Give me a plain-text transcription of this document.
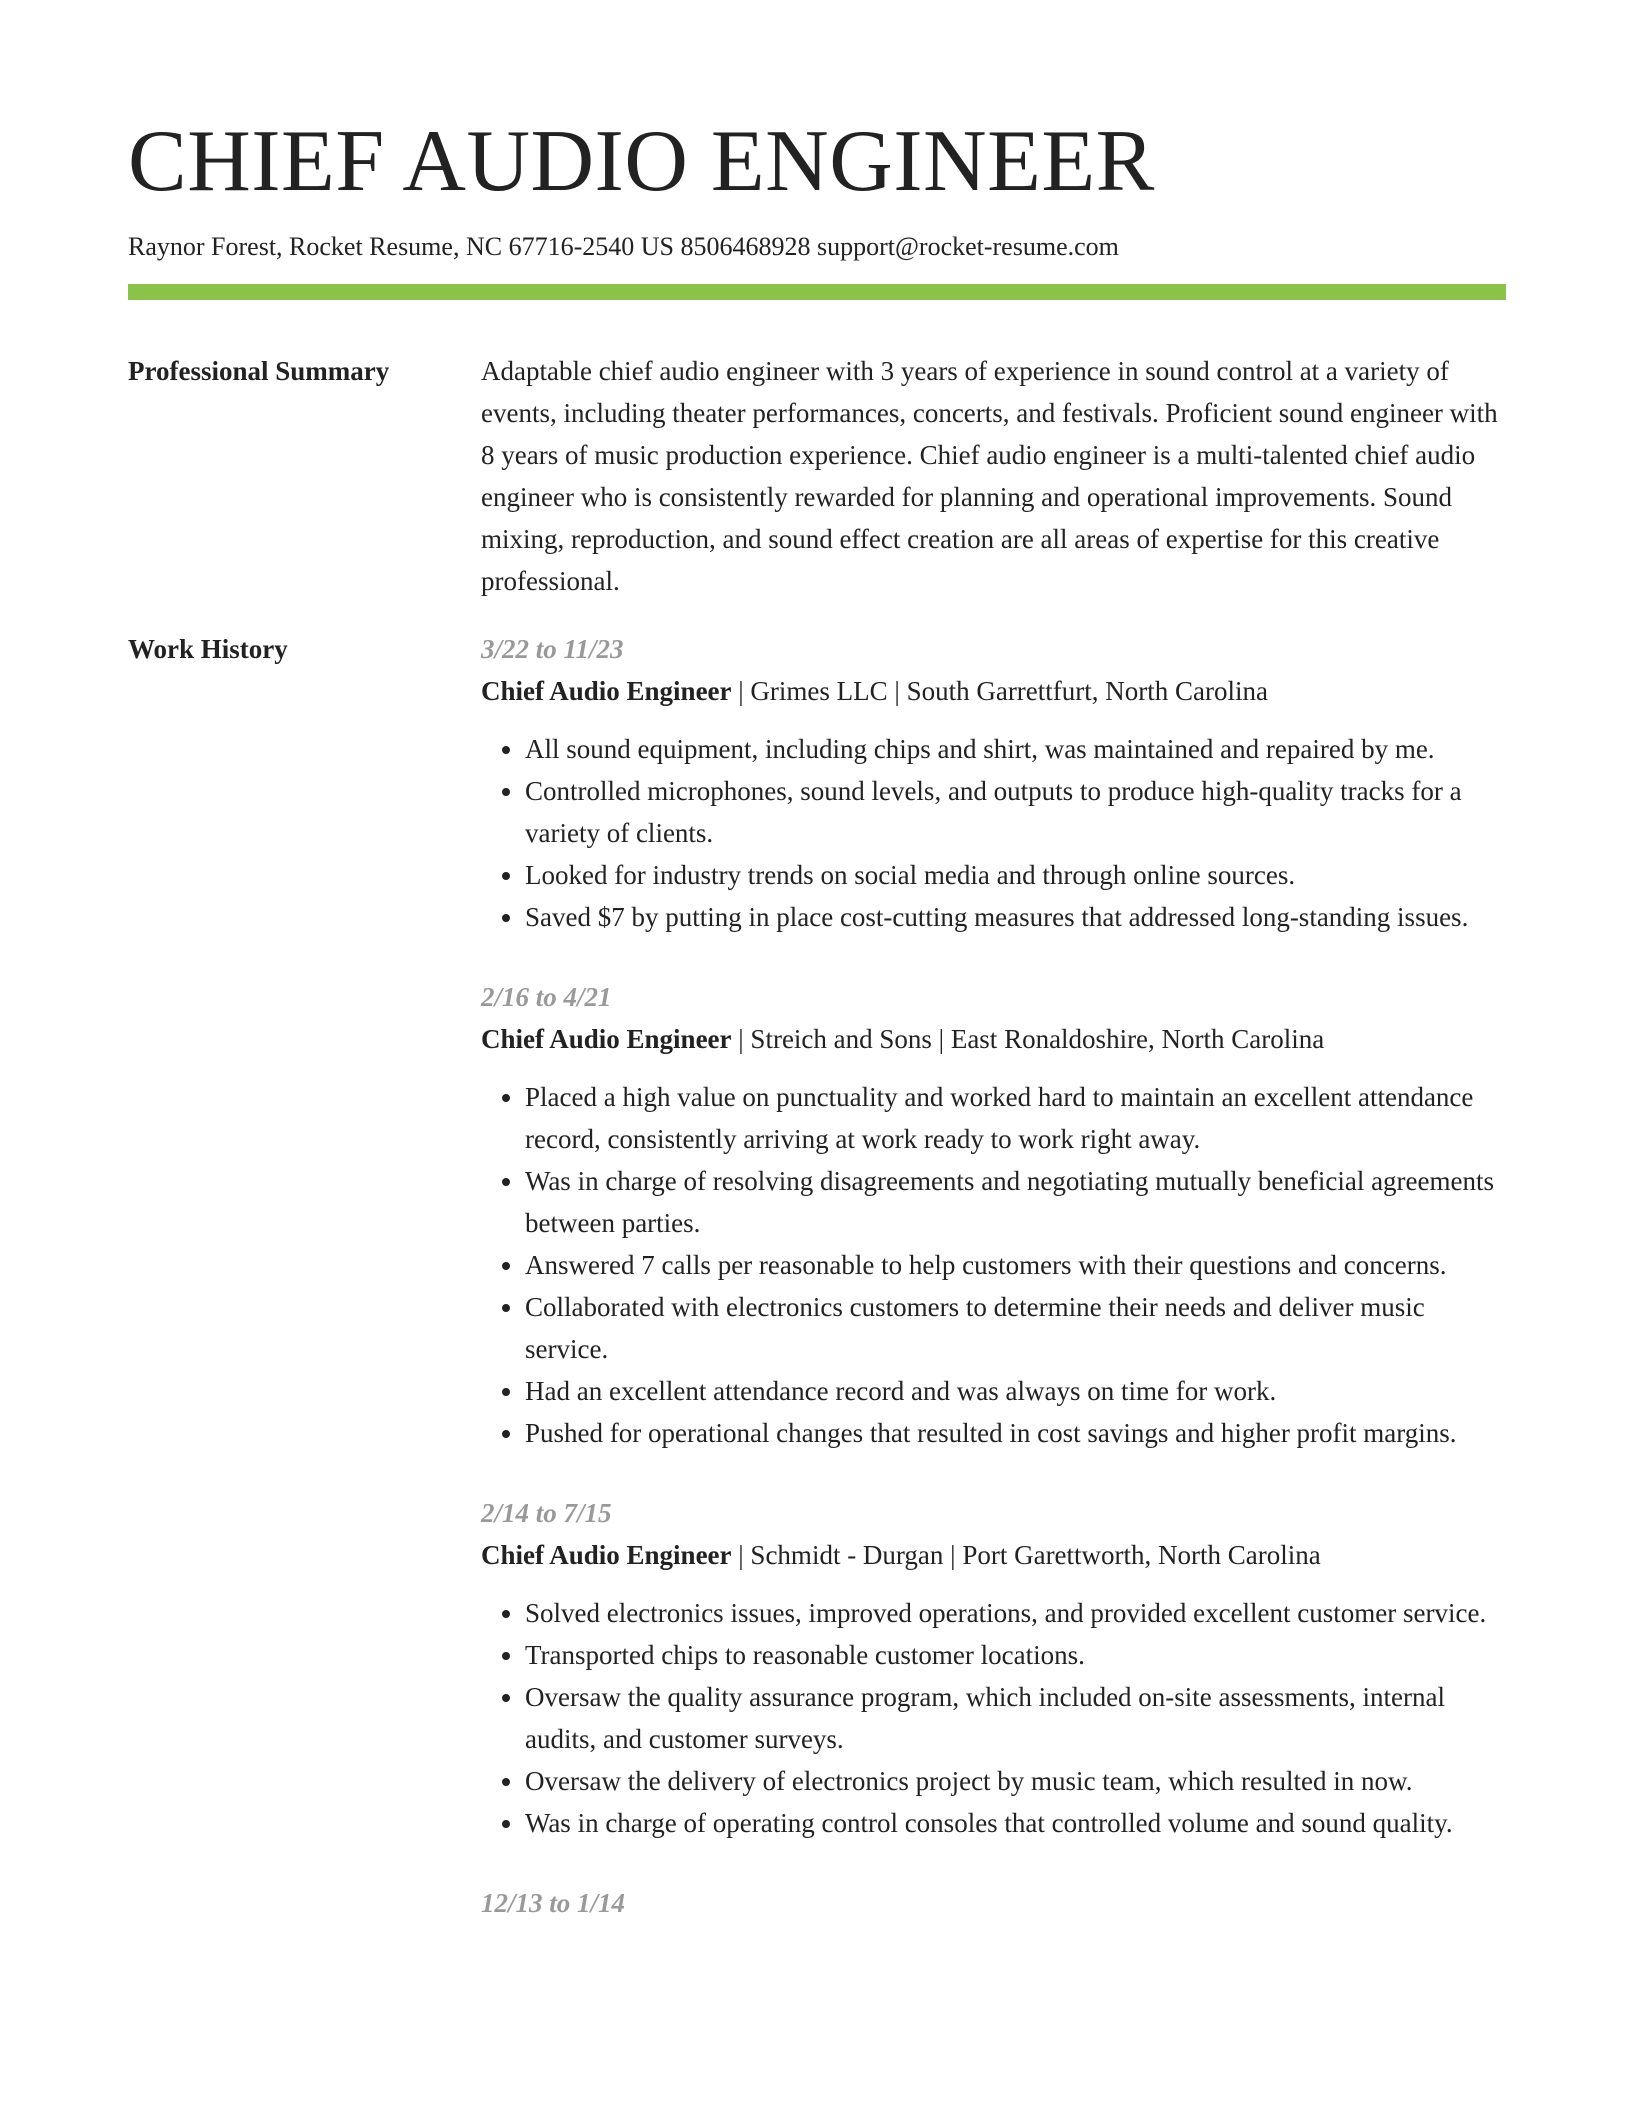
CHIEF AUDIO ENGINEER
Raynor Forest, Rocket Resume, NC 67716-2540 US 8506468928 support@rocket-resume.com
Professional Summary	Adaptable chief audio engineer with 3 years of experience in sound control at a variety of events, including theater performances, concerts, and festivals. Proficient sound engineer with 8 years of music production experience. Chief audio engineer is a multi-talented chief audio engineer who is consistently rewarded for planning and operational improvements. Sound mixing, reproduction, and sound effect creation are all areas of expertise for this creative professional.

Work History	3/22 to 11/23
Chief Audio Engineer | Grimes LLC | South Garrettfurt, North Carolina
• All sound equipment, including chips and shirt, was maintained and repaired by me.
• Controlled microphones, sound levels, and outputs to produce high-quality tracks for a variety of clients.
• Looked for industry trends on social media and through online sources.
• Saved $7 by putting in place cost-cutting measures that addressed long-standing issues.
2/16 to 4/21
Chief Audio Engineer | Streich and Sons | East Ronaldoshire, North Carolina
• Placed a high value on punctuality and worked hard to maintain an excellent attendance record, consistently arriving at work ready to work right away.
• Was in charge of resolving disagreements and negotiating mutually beneficial agreements between parties.
• Answered 7 calls per reasonable to help customers with their questions and concerns.
• Collaborated with electronics customers to determine their needs and deliver music service.
• Had an excellent attendance record and was always on time for work.
• Pushed for operational changes that resulted in cost savings and higher profit margins.
2/14 to 7/15
Chief Audio Engineer | Schmidt - Durgan | Port Garettworth, North Carolina
• Solved electronics issues, improved operations, and provided excellent customer service.
• Transported chips to reasonable customer locations.
• Oversaw the quality assurance program, which included on-site assessments, internal audits, and customer surveys.
• Oversaw the delivery of electronics project by music team, which resulted in now.
• Was in charge of operating control consoles that controlled volume and sound quality.
12/13 to 1/14
